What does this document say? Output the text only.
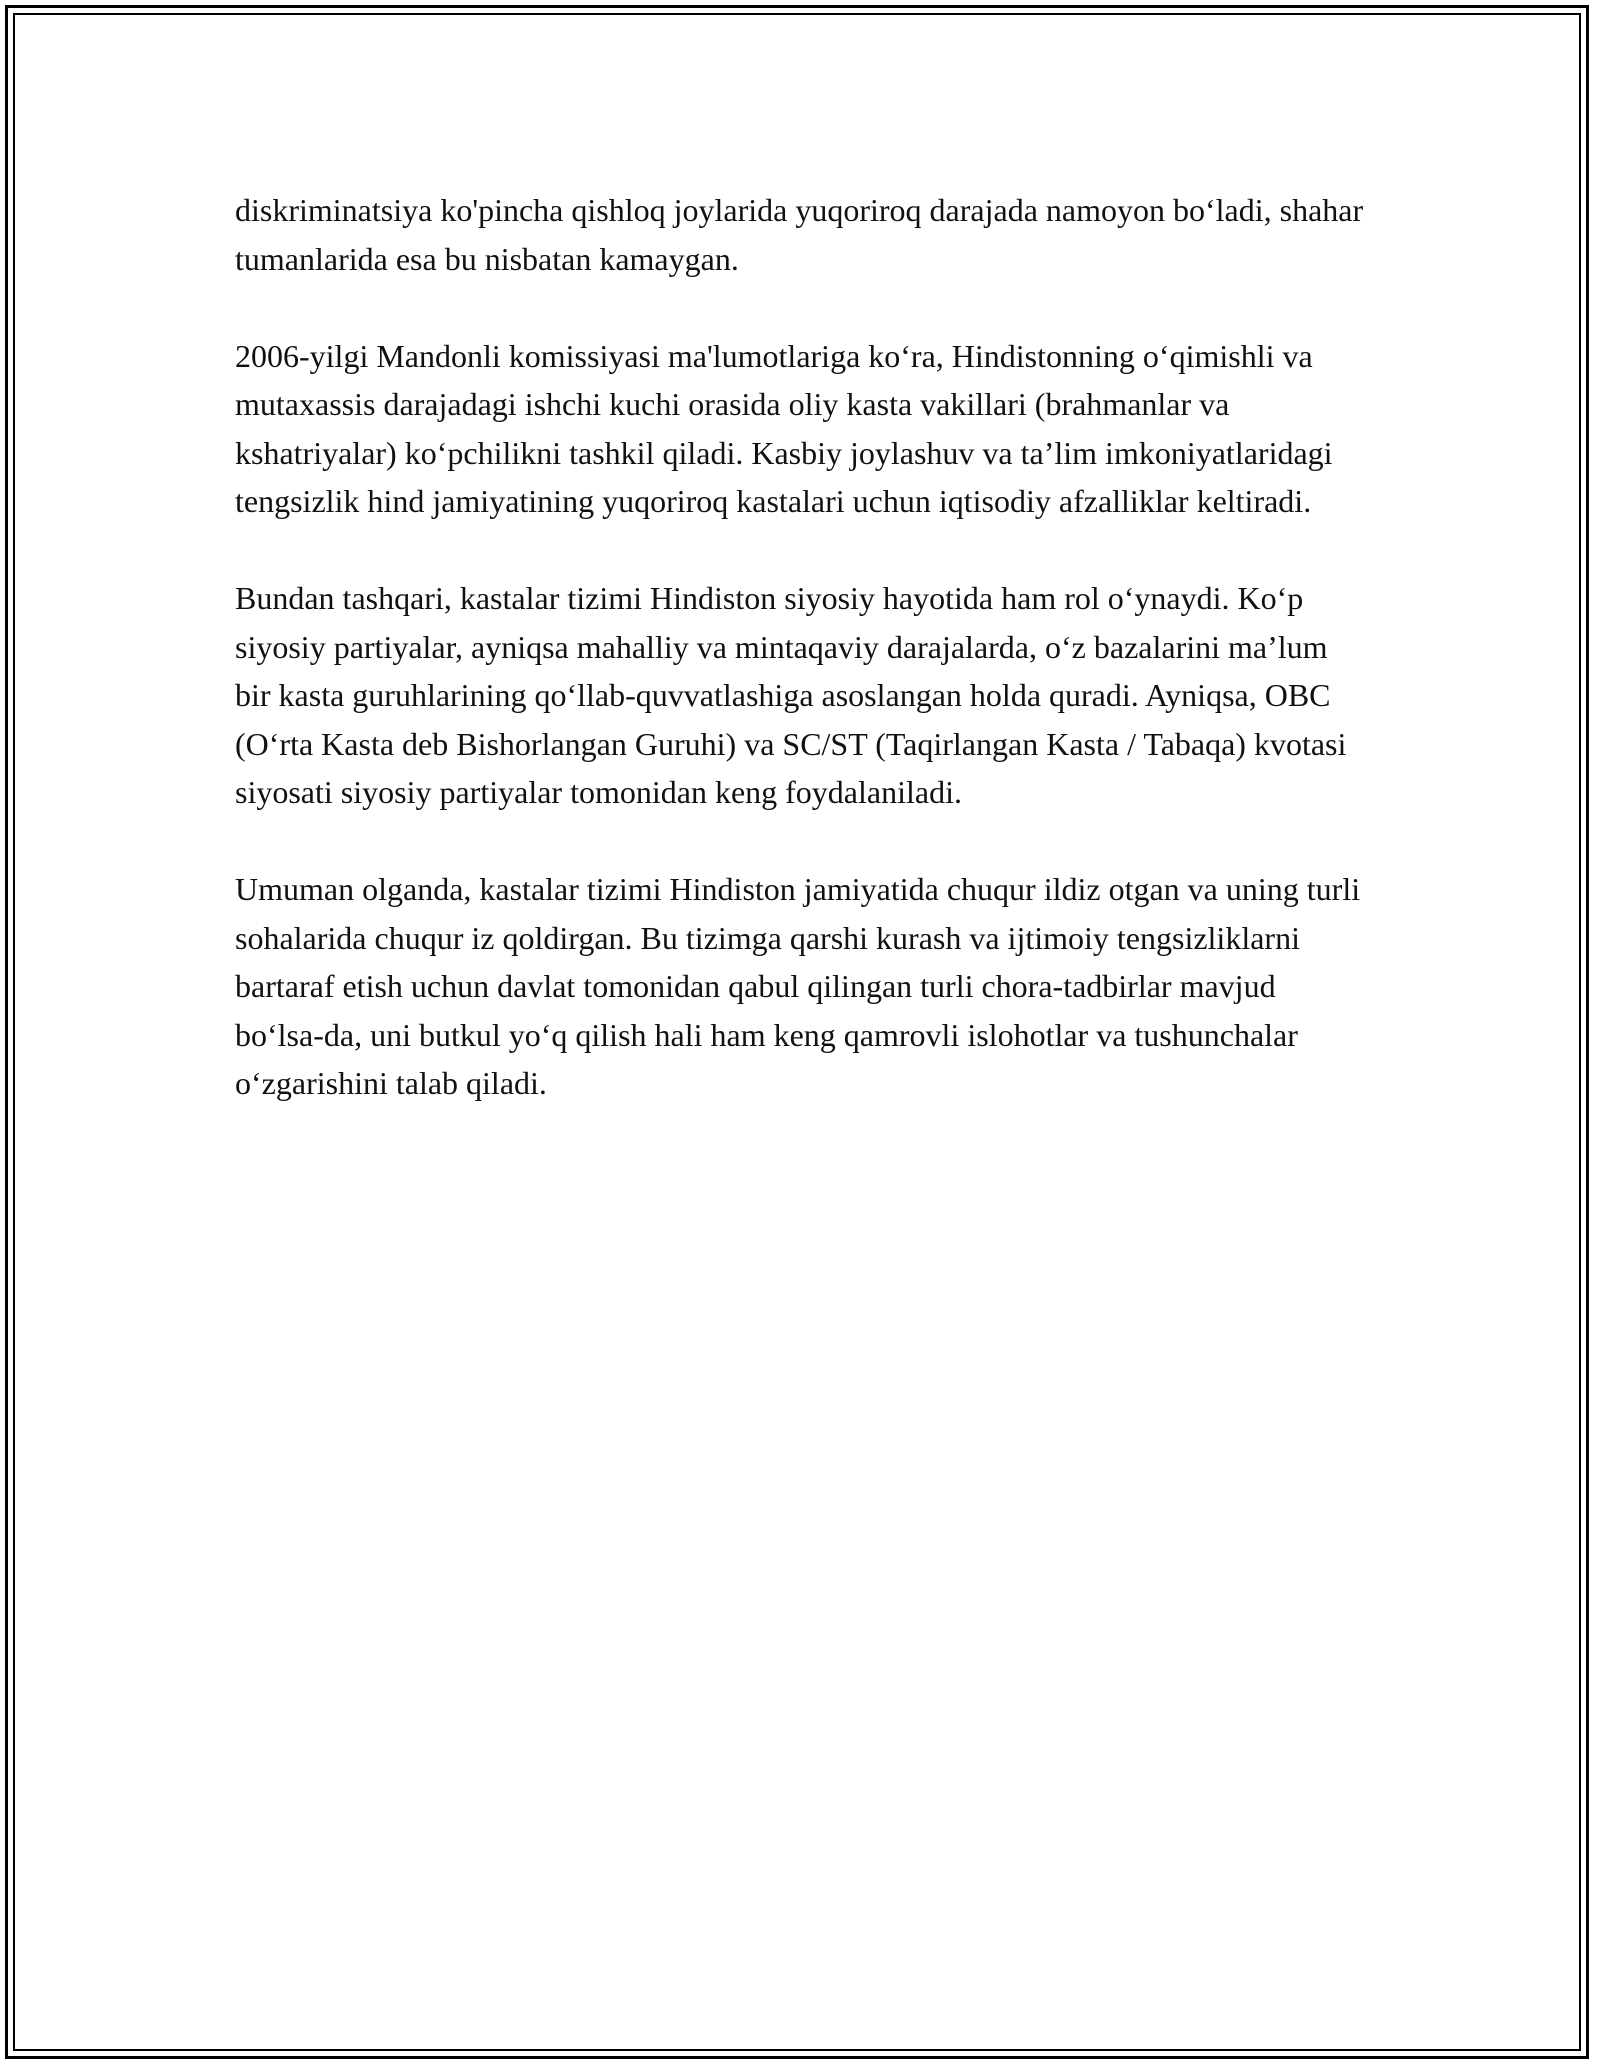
diskriminatsiya ko'pincha qishloq joylarida yuqoriroq darajada namoyon bo‘ladi, shahar tumanlarida esa bu nisbatan kamaygan.

2006-yilgi Mandonli komissiyasi ma'lumotlariga ko‘ra, Hindistonning o‘qimishli va mutaxassis darajadagi ishchi kuchi orasida oliy kasta vakillari (brahmanlar va kshatriyalar) ko‘pchilikni tashkil qiladi. Kasbiy joylashuv va ta’lim imkoniyatlaridagi tengsizlik hind jamiyatining yuqoriroq kastalari uchun iqtisodiy afzalliklar keltiradi.

Bundan tashqari, kastalar tizimi Hindiston siyosiy hayotida ham rol o‘ynaydi. Ko‘p siyosiy partiyalar, ayniqsa mahalliy va mintaqaviy darajalarda, o‘z bazalarini ma’lum bir kasta guruhlarining qo‘llab-quvvatlashiga asoslangan holda quradi. Ayniqsa, OBC (O‘rta Kasta deb Bishorlangan Guruhi) va SC/ST (Taqirlangan Kasta / Tabaqa) kvotasi siyosati siyosiy partiyalar tomonidan keng foydalaniladi.

Umuman olganda, kastalar tizimi Hindiston jamiyatida chuqur ildiz otgan va uning turli sohalarida chuqur iz qoldirgan. Bu tizimga qarshi kurash va ijtimoiy tengsizliklarni bartaraf etish uchun davlat tomonidan qabul qilingan turli chora-tadbirlar mavjud bo‘lsa-da, uni butkul yo‘q qilish hali ham keng qamrovli islohotlar va tushunchalar o‘zgarishini talab qiladi.
